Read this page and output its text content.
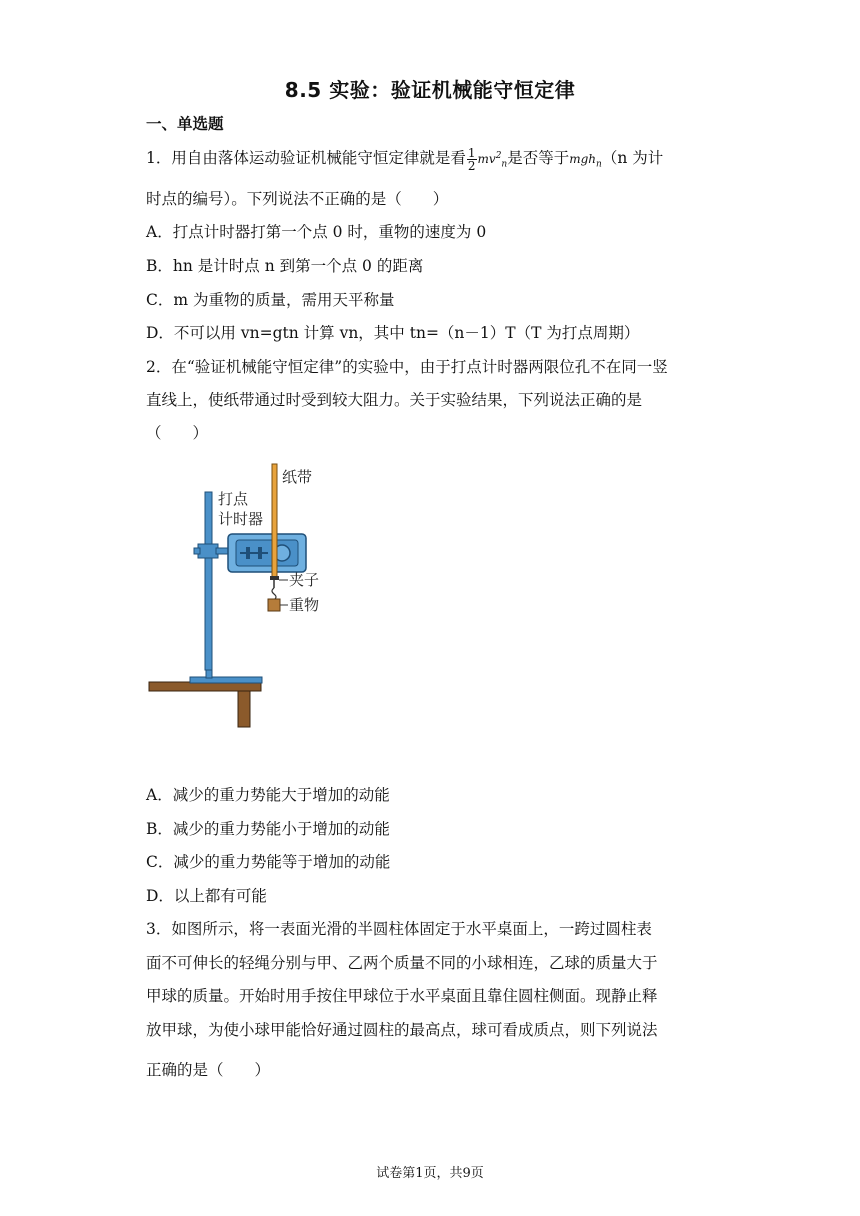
8.5 实验：验证机械能守恒定律
一、单选题
1．用自由落体运动验证机械能守恒定律就是看 $\frac{1}{2} mv^2_n$是否等于mgh$_n$（n 为计
时点的编号）。下列说法不正确的是（　　）
A．打点计时器打第一个点 0 时，重物的速度为 0
B．hn 是计时点 n 到第一个点 0 的距离
C．m 为重物的质量，需用天平称量
D．不可以用 vn=gtn 计算 vn，其中 tn=（n－1）T（T 为打点周期）
2．在“验证机械能守恒定律”的实验中，由于打点计时器两限位孔不在同一竖
直线上，使纸带通过时受到较大阻力。关于实验结果，下列说法正确的是
（　　）
纸带
打点
计时器
夹子
重物
A．减少的重力势能大于增加的动能
B．减少的重力势能小于增加的动能
C．减少的重力势能等于增加的动能
D．以上都有可能
3．如图所示，将一表面光滑的半圆柱体固定于水平桌面上，一跨过圆柱表
面不可伸长的轻绳分别与甲、乙两个质量不同的小球相连，乙球的质量大于
甲球的质量。开始时用手按住甲球位于水平桌面且靠住圆柱侧面。现静止释
放甲球，为使小球甲能恰好通过圆柱的最高点，球可看成质点，则下列说法
正确的是（　　）
试卷第1页，共9页
